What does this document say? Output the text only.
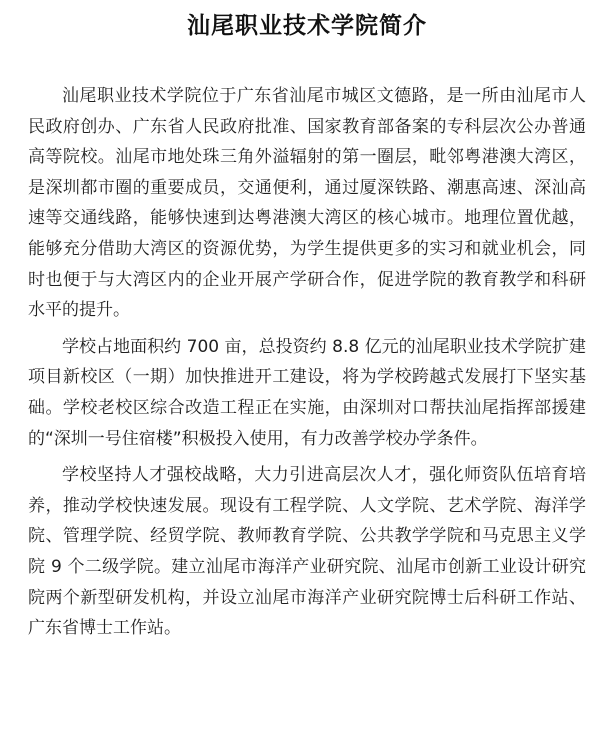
汕尾职业技术学院简介

汕尾职业技术学院位于广东省汕尾市城区文德路，是一所由汕尾市人民政府创办、广东省人民政府批准、国家教育部备案的专科层次公办普通高等院校。汕尾市地处珠三角外溢辐射的第一圈层，毗邻粤港澳大湾区，是深圳都市圈的重要成员，交通便利，通过厦深铁路、潮惠高速、深汕高速等交通线路，能够快速到达粤港澳大湾区的核心城市。地理位置优越，能够充分借助大湾区的资源优势，为学生提供更多的实习和就业机会，同时也便于与大湾区内的企业开展产学研合作，促进学院的教育教学和科研水平的提升。

学校占地面积约 700 亩，总投资约 8.8 亿元的汕尾职业技术学院扩建项目新校区（一期）加快推进开工建设，将为学校跨越式发展打下坚实基础。学校老校区综合改造工程正在实施，由深圳对口帮扶汕尾指挥部援建的“深圳一号住宿楼”积极投入使用，有力改善学校办学条件。

学校坚持人才强校战略，大力引进高层次人才，强化师资队伍培育培养，推动学校快速发展。现设有工程学院、人文学院、艺术学院、海洋学院、管理学院、经贸学院、教师教育学院、公共教学学院和马克思主义学院 9 个二级学院。建立汕尾市海洋产业研究院、汕尾市创新工业设计研究院两个新型研发机构，并设立汕尾市海洋产业研究院博士后科研工作站、广东省博士工作站。
